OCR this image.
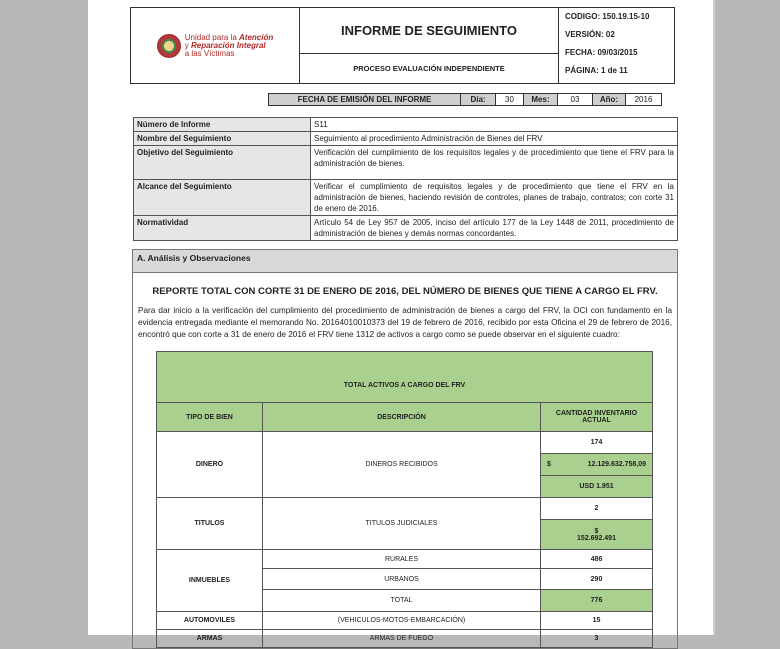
Unidad para la Atención
y Reparación Integral
a las Víctimas
INFORME DE SEGUIMIENTO
PROCESO EVALUACIÓN INDEPENDIENTE
CODIGO: 150.19.15-10
VERSIÓN: 02
FECHA: 09/03/2015
PÁGINA: 1 de 11
FECHA DE EMISIÓN DEL INFORME	Día:	30	Mes:	03	Año:	2016
Número de Informe	S11
Nombre del Seguimiento	Seguimiento al procedimiento Administración de Bienes del FRV
Objetivo del Seguimiento	Verificación del cumplimiento de los requisitos legales y de procedimiento que tiene el FRV para la administración de bienes.
Alcance del Seguimiento	Verificar el cumplimiento de requisitos legales y de procedimiento que tiene el FRV en la administración de bienes, haciendo revisión de controles, planes de trabajo, contratos; con corte 31 de enero de 2016.
Normatividad	Artículo 54 de Ley 957 de 2005, inciso del artículo 177 de la Ley 1448 de 2011, procedimiento de administración de bienes y demás normas concordantes.
A. Análisis y Observaciones
REPORTE TOTAL CON CORTE 31 DE ENERO DE 2016, DEL NÚMERO DE BIENES QUE TIENE A CARGO EL FRV.
Para dar inicio a la verificación del cumplimiento del procedimiento de administración de bienes a cargo del FRV, la OCI con fundamento en la evidencia entregada mediante el memorando No. 20164010010373 del 19 de febrero de 2016, recibido por esta Oficina el 29 de febrero de 2016, encontró que con corte a 31 de enero de 2016 el FRV tiene 1312 de activos a cargo como se puede observar en el siguiente cuadro:
TOTAL ACTIVOS A CARGO DEL FRV		
TIPO DE BIEN	DESCRIPCIÓN	CANTIDAD INVENTARIO ACTUAL
DINERO	DINEROS RECIBIDOS	174

		$ 12.129.632.758,09

		USD 1.951
TITULOS	TITULOS JUDICIALES	2

		$
152.692.491

INMUEBLES	RURALES	486
	URBANOS	290
	TOTAL	776
AUTOMOVILES	(VEHICULOS-MOTOS-EMBARCACIÓN)	15
ARMAS	ARMAS DE FUEGO	3
